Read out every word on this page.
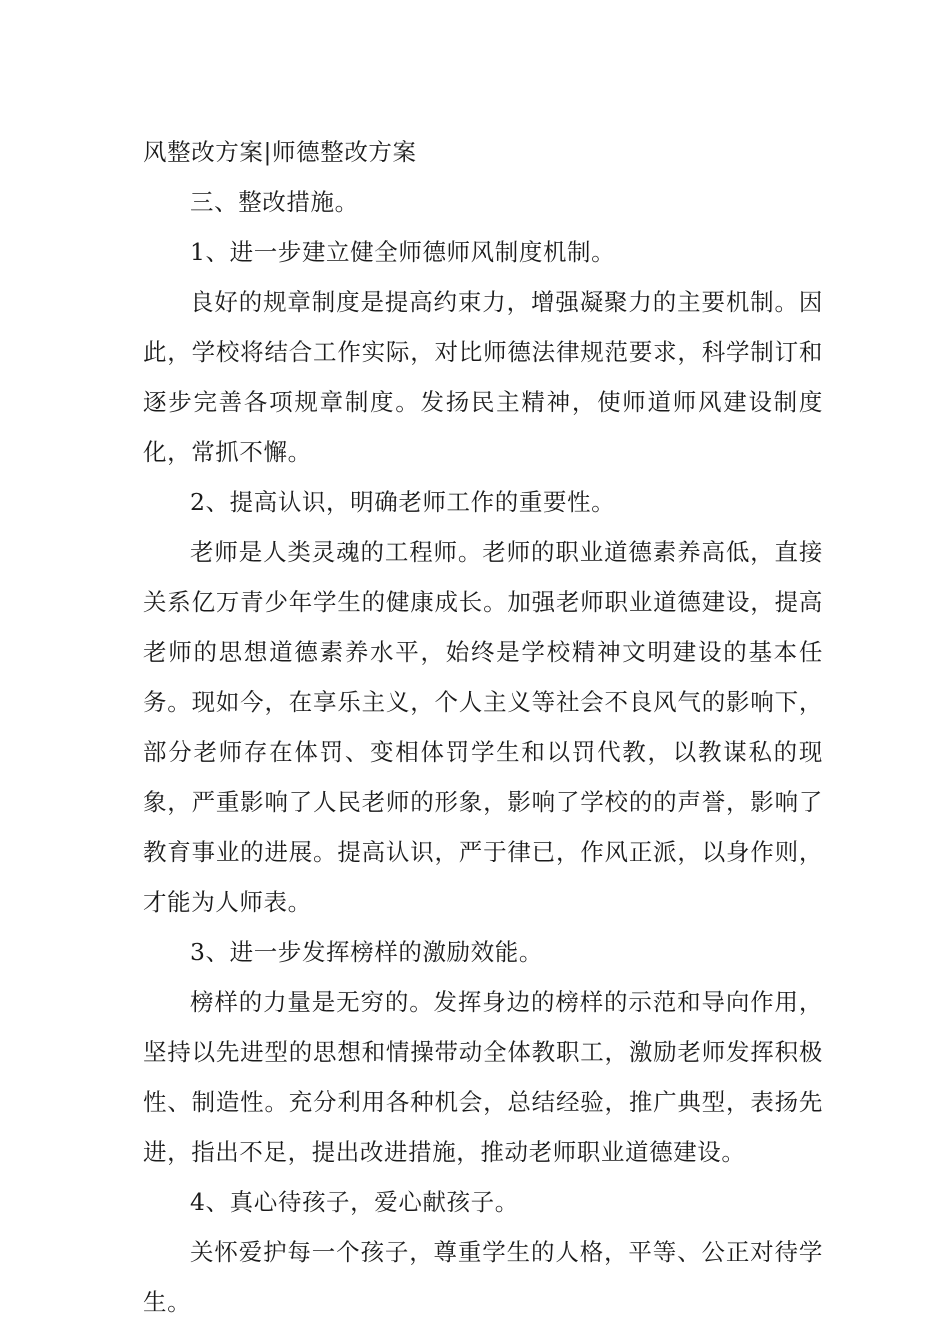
风整改方案|师德整改方案

三、整改措施。

1、进一步建立健全师德师风制度机制。

良好的规章制度是提高约束力，增强凝聚力的主要机制。因此，学校将结合工作实际，对比师德法律规范要求，科学制订和逐步完善各项规章制度。发扬民主精神，使师道师风建设制度化，常抓不懈。

2、提高认识，明确老师工作的重要性。

老师是人类灵魂的工程师。老师的职业道德素养高低，直接关系亿万青少年学生的健康成长。加强老师职业道德建设，提高老师的思想道德素养水平，始终是学校精神文明建设的基本任务。现如今，在享乐主义，个人主义等社会不良风气的影响下，部分老师存在体罚、变相体罚学生和以罚代教，以教谋私的现象，严重影响了人民老师的形象，影响了学校的的声誉，影响了教育事业的进展。提高认识，严于律已，作风正派，以身作则，才能为人师表。

3、进一步发挥榜样的激励效能。

榜样的力量是无穷的。发挥身边的榜样的示范和导向作用，坚持以先进型的思想和情操带动全体教职工，激励老师发挥积极性、制造性。充分利用各种机会，总结经验，推广典型，表扬先进，指出不足，提出改进措施，推动老师职业道德建设。

4、真心待孩子，爱心献孩子。

关怀爱护每一个孩子，尊重学生的人格，平等、公正对待学生。
